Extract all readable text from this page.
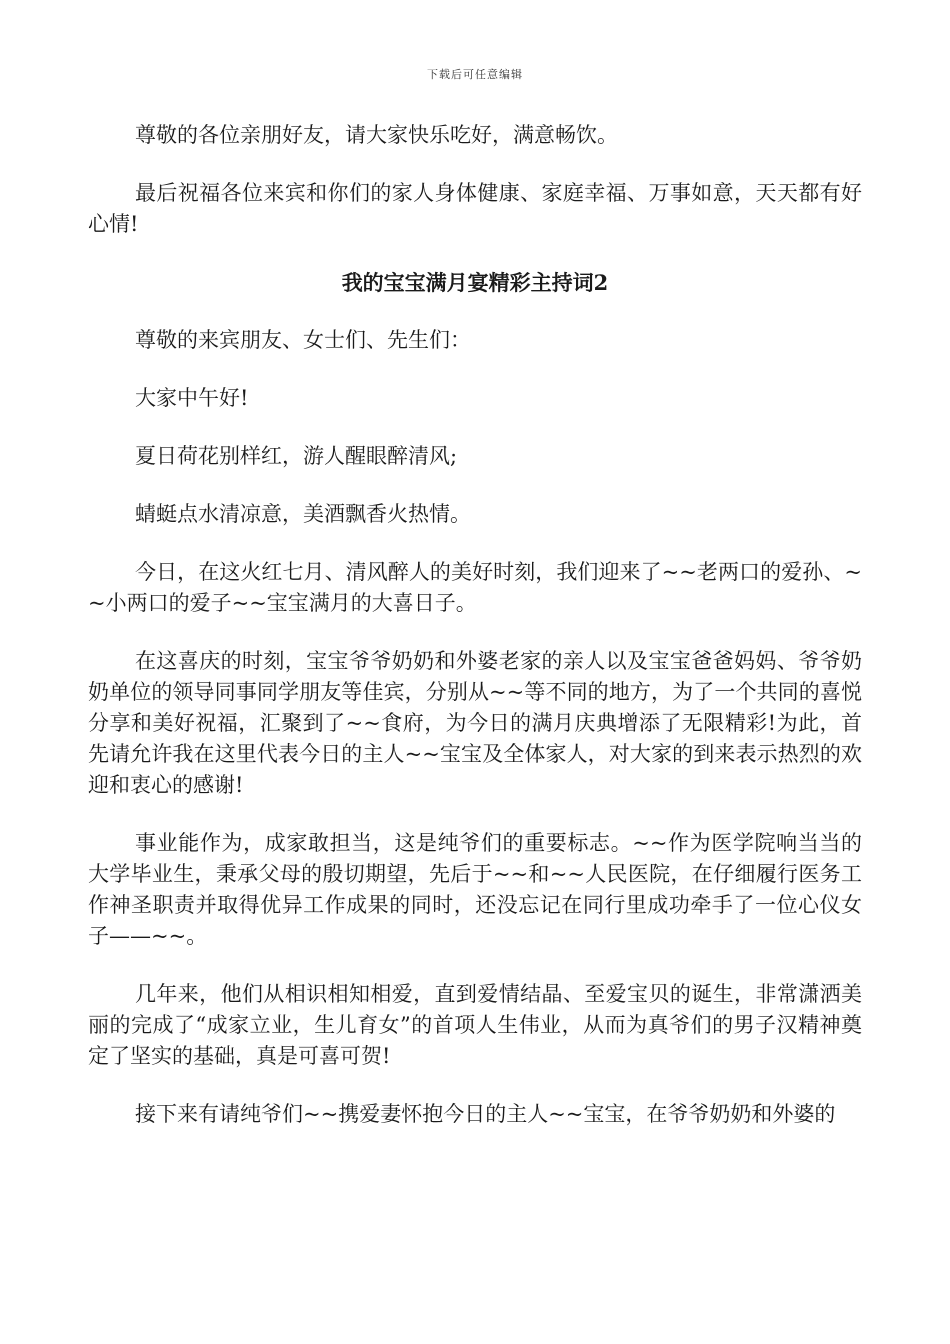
下载后可任意编辑

尊敬的各位亲朋好友，请大家快乐吃好，满意畅饮。

最后祝福各位来宾和你们的家人身体健康、家庭幸福、万事如意，天天都有好心情!

我的宝宝满月宴精彩主持词2

尊敬的来宾朋友、女士们、先生们：

大家中午好!

夏日荷花别样红，游人醒眼醉清风;

蜻蜓点水清凉意，美酒飘香火热情。

今日，在这火红七月、清风醉人的美好时刻，我们迎来了~~老两口的爱孙、~~小两口的爱子~~宝宝满月的大喜日子。

在这喜庆的时刻，宝宝爷爷奶奶和外婆老家的亲人以及宝宝爸爸妈妈、爷爷奶奶单位的领导同事同学朋友等佳宾，分别从~~等不同的地方，为了一个共同的喜悦分享和美好祝福，汇聚到了~~食府，为今日的满月庆典增添了无限精彩!为此，首先请允许我在这里代表今日的主人~~宝宝及全体家人，对大家的到来表示热烈的欢迎和衷心的感谢!

事业能作为，成家敢担当，这是纯爷们的重要标志。~~作为医学院响当当的大学毕业生，秉承父母的殷切期望，先后于~~和~~人民医院，在仔细履行医务工作神圣职责并取得优异工作成果的同时，还没忘记在同行里成功牵手了一位心仪女子——~~。

几年来，他们从相识相知相爱，直到爱情结晶、至爱宝贝的诞生，非常潇洒美丽的完成了“成家立业，生儿育女”的首项人生伟业，从而为真爷们的男子汉精神奠定了坚实的基础，真是可喜可贺!

接下来有请纯爷们~~携爱妻怀抱今日的主人~~宝宝，在爷爷奶奶和外婆的
